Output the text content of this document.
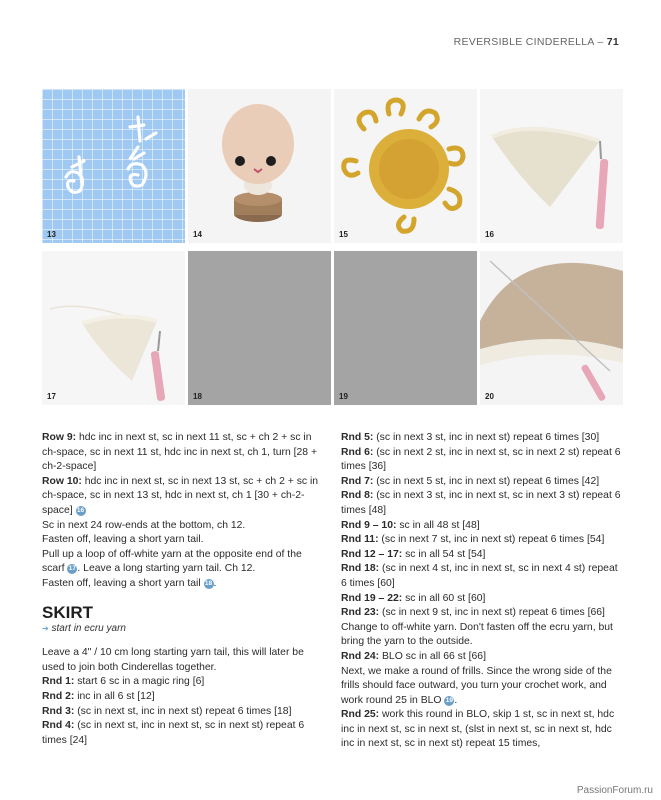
REVERSIBLE CINDERELLA – 71
13	14	15	16
17	18	19	20

Row 9: hdc inc in next st, sc in next 11 st, sc + ch 2 + sc in ch-space, sc in next 11 st, hdc inc in next st, ch 1, turn [28 + ch-2-space]

Row 10: hdc inc in next st, sc in next 13 st, sc + ch 2 + sc in ch-space, sc in next 13 st, hdc in next st, ch 1 [30 + ch-2-space] 16

Sc in next 24 row-ends at the bottom, ch 12.

Fasten off, leaving a short yarn tail.

Pull up a loop of off-white yarn at the opposite end of the scarf 17. Leave a long starting yarn tail. Ch 12.

Fasten off, leaving a short yarn tail 18.

SKIRT
➔ start in ecru yarn

Leave a 4" / 10 cm long starting yarn tail, this will later be used to join both Cinderellas together.

Rnd 1: start 6 sc in a magic ring [6]

Rnd 2: inc in all 6 st [12]

Rnd 3: (sc in next st, inc in next st) repeat 6 times [18]

Rnd 4: (sc in next st, inc in next st, sc in next st) repeat 6 times [24]

Rnd 5: (sc in next 3 st, inc in next st) repeat 6 times [30]

Rnd 6: (sc in next 2 st, inc in next st, sc in next 2 st) repeat 6 times [36]

Rnd 7: (sc in next 5 st, inc in next st) repeat 6 times [42]

Rnd 8: (sc in next 3 st, inc in next st, sc in next 3 st) repeat 6 times [48]

Rnd 9 – 10: sc in all 48 st [48]

Rnd 11: (sc in next 7 st, inc in next st) repeat 6 times [54]

Rnd 12 – 17: sc in all 54 st [54]

Rnd 18: (sc in next 4 st, inc in next st, sc in next 4 st) repeat 6 times [60]

Rnd 19 – 22: sc in all 60 st [60]

Rnd 23: (sc in next 9 st, inc in next st) repeat 6 times [66]

Change to off-white yarn. Don't fasten off the ecru yarn, but bring the yarn to the outside.

Rnd 24: BLO sc in all 66 st [66]

Next, we make a round of frills. Since the wrong side of the frills should face outward, you turn your crochet work, and work round 25 in BLO 19.

Rnd 25: work this round in BLO, skip 1 st, sc in next st, hdc inc in next st, sc in next st, (slst in next st, sc in next st, hdc inc in next st, sc in next st) repeat 15 times,

PassionForum.ru
